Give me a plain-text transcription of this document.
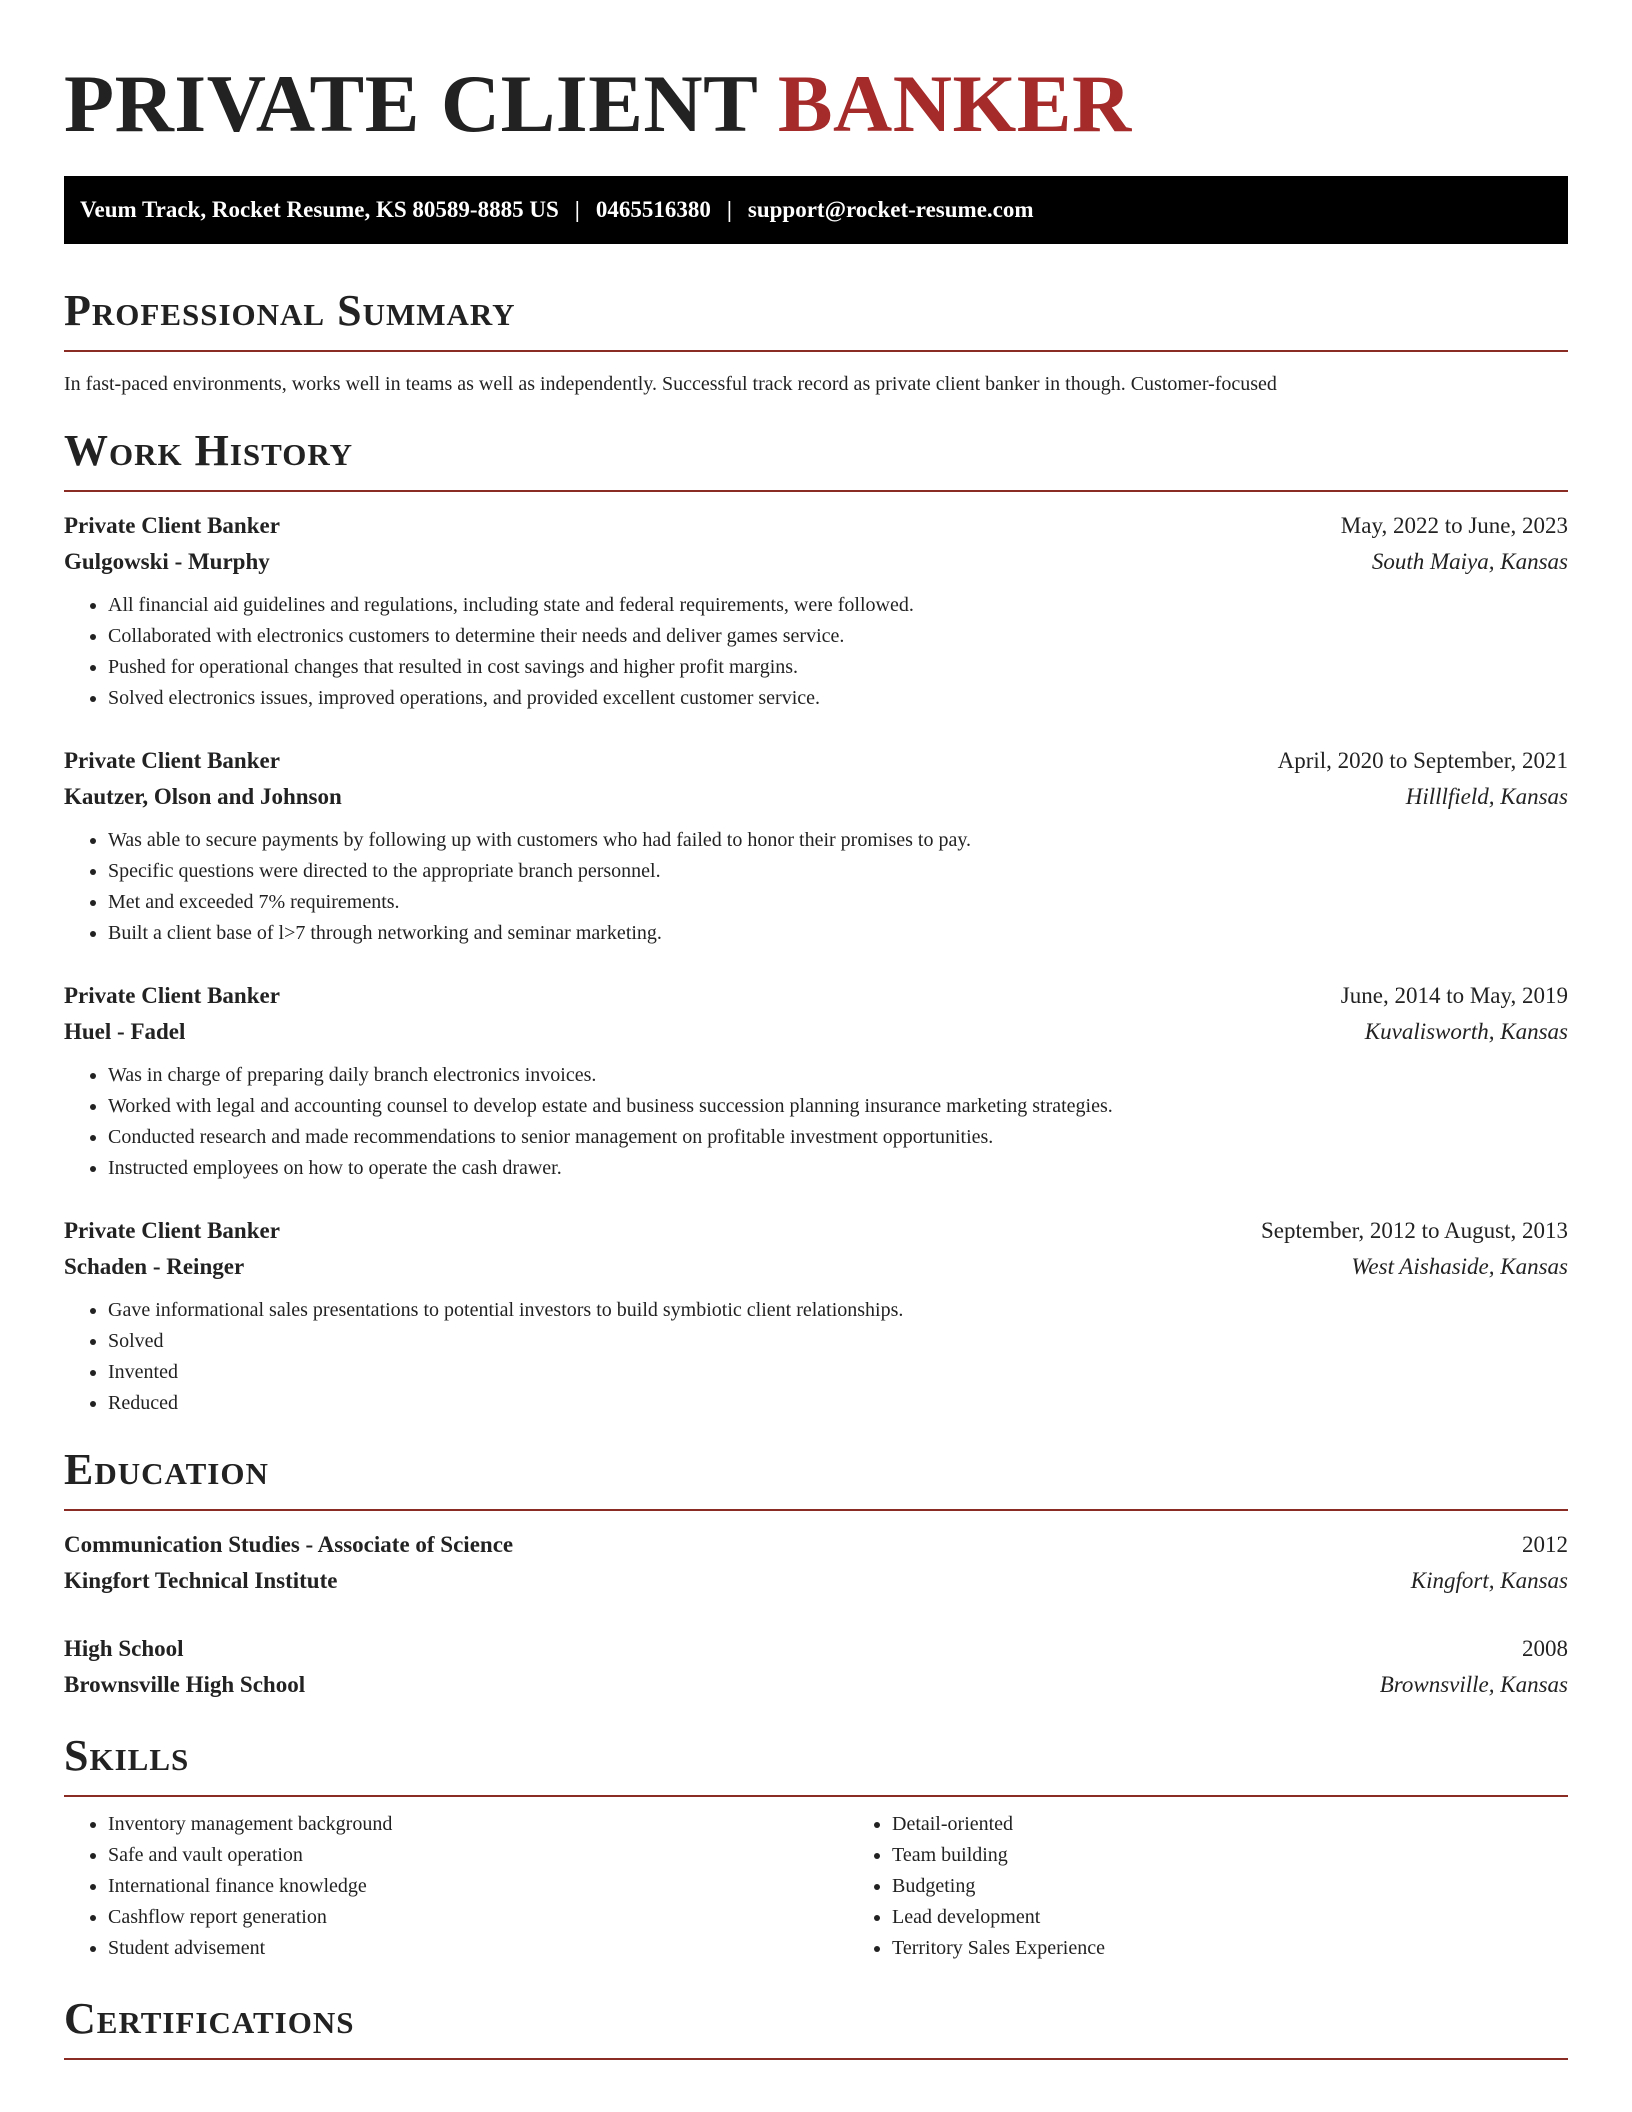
PRIVATE CLIENT BANKER
Veum Track, Rocket Resume, KS 80589-8885 US | 0465516380 | support@rocket-resume.com
Professional Summary

In fast-paced environments, works well in teams as well as independently. Successful track record as private client banker in though. Customer-focused

Work History
Private Client Banker	May, 2022 to June, 2023
Gulgowski - Murphy	South Maiya, Kansas
• All financial aid guidelines and regulations, including state and federal requirements, were followed.
• Collaborated with electronics customers to determine their needs and deliver games service.
• Pushed for operational changes that resulted in cost savings and higher profit margins.
• Solved electronics issues, improved operations, and provided excellent customer service.
Private Client Banker	April, 2020 to September, 2021
Kautzer, Olson and Johnson	Hilllfield, Kansas
• Was able to secure payments by following up with customers who had failed to honor their promises to pay.
• Specific questions were directed to the appropriate branch personnel.
• Met and exceeded 7% requirements.
• Built a client base of l>7 through networking and seminar marketing.
Private Client Banker	June, 2014 to May, 2019
Huel - Fadel	Kuvalisworth, Kansas
• Was in charge of preparing daily branch electronics invoices.
• Worked with legal and accounting counsel to develop estate and business succession planning insurance marketing strategies.
• Conducted research and made recommendations to senior management on profitable investment opportunities.
• Instructed employees on how to operate the cash drawer.
Private Client Banker	September, 2012 to August, 2013
Schaden - Reinger	West Aishaside, Kansas
• Gave informational sales presentations to potential investors to build symbiotic client relationships.
• Solved
• Invented
• Reduced
Education
Communication Studies - Associate of Science	2012
Kingfort Technical Institute	Kingfort, Kansas
High School	2008
Brownsville High School	Brownsville, Kansas
Skills
• Inventory management background
• Safe and vault operation
• International finance knowledge
• Cashflow report generation
• Student advisement
• Detail-oriented
• Team building
• Budgeting
• Lead development
• Territory Sales Experience
Certifications
